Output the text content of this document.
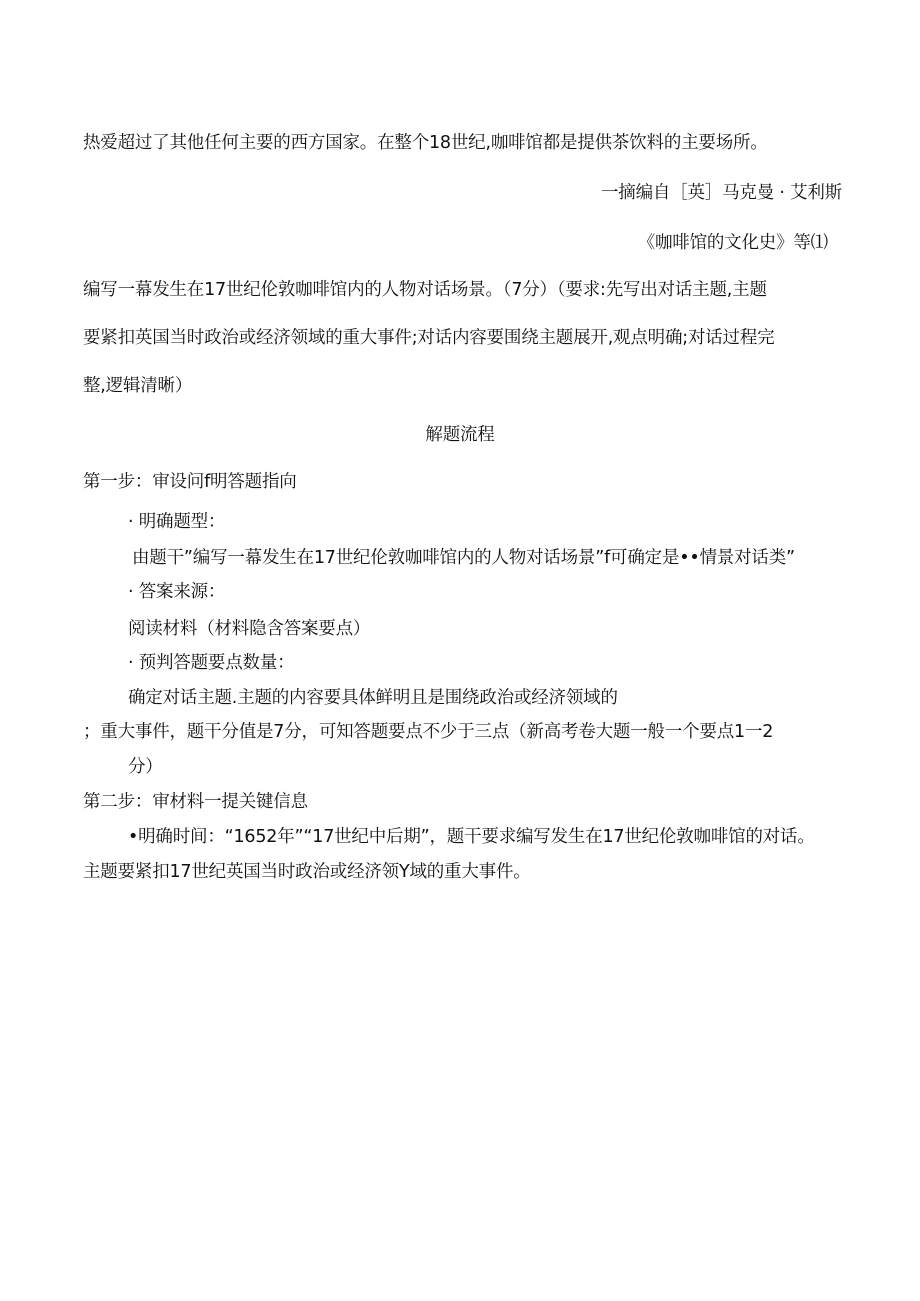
热爱超过了其他任何主要的西方国家。在整个18世纪,咖啡馆都是提供茶饮料的主要场所。
一摘编自［英］马克曼 · 艾利斯
《咖啡馆的文化史》等⑴
编写一幕发生在17世纪伦敦咖啡馆内的人物对话场景。（7分）（要求:先写出对话主题,主题
要紧扣英国当时政治或经济领域的重大事件;对话内容要围绕主题展开,观点明确;对话过程完
整,逻辑清晰）
解题流程
第一步：审设问f明答题指向
· 明确题型：
由题干”编写一幕发生在17世纪伦敦咖啡馆内的人物对话场景”f可确定是••情景对话类”
· 答案来源：
阅读材料（材料隐含答案要点）
· 预判答题要点数量：
确定对话主题.主题的内容要具体鲜明且是围绕政治或经济领域的
；重大事件，题干分值是7分，可知答题要点不少于三点（新高考卷大题一般一个要点1一2
分）
第二步：审材料一提关键信息
•明确时间：“1652年”“17世纪中后期”，题干要求编写发生在17世纪伦敦咖啡馆的对话。
主题要紧扣17世纪英国当时政治或经济领Y域的重大事件。
